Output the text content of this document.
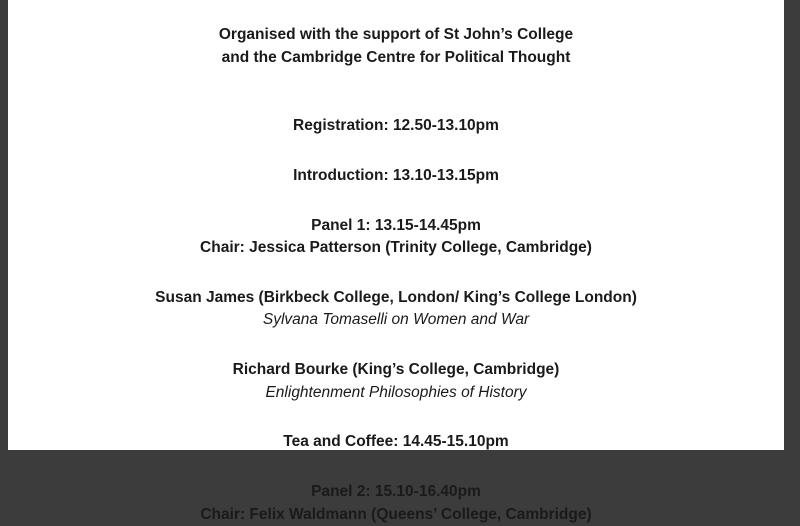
Organised with the support of St John’s College
and the Cambridge Centre for Political Thought
Registration: 12.50-13.10pm
Introduction: 13.10-13.15pm
Panel 1: 13.15-14.45pm
Chair: Jessica Patterson (Trinity College, Cambridge)
Susan James (Birkbeck College, London/ King’s College London)
Sylvana Tomaselli on Women and War
Richard Bourke (King’s College, Cambridge)
Enlightenment Philosophies of History
Tea and Coffee: 14.45-15.10pm
Panel 2: 15.10-16.40pm
Chair: Felix Waldmann (Queens’ College, Cambridge)
